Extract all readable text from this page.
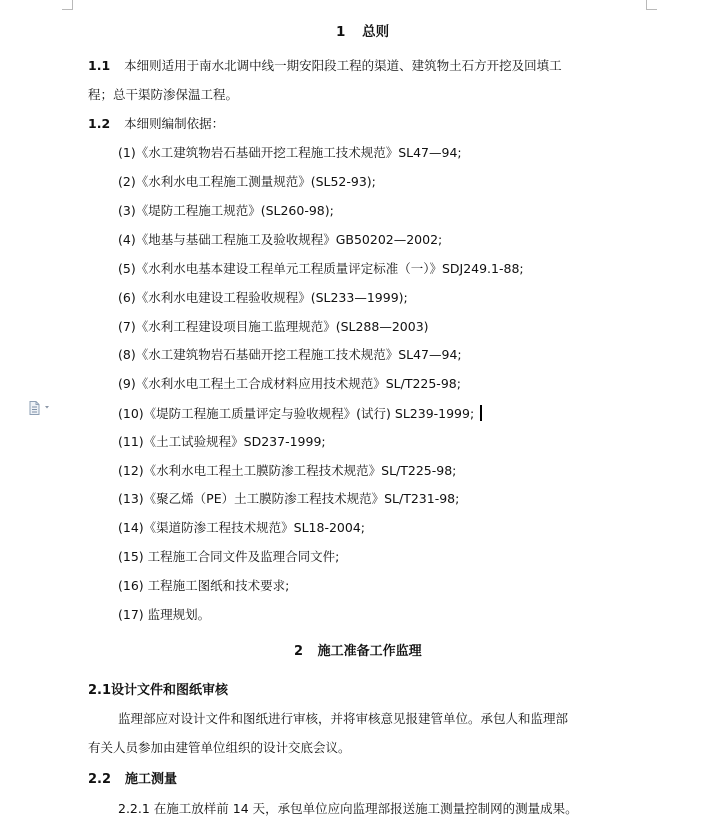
1 总则
1.1 本细则适用于南水北调中线一期安阳段工程的渠道、建筑物土石方开挖及回填工
程；总干渠防渗保温工程。
1.2 本细则编制依据：
(1)《水工建筑物岩石基础开挖工程施工技术规范》SL47—94;
(2)《水利水电工程施工测量规范》(SL52-93);
(3)《堤防工程施工规范》(SL260-98);
(4)《地基与基础工程施工及验收规程》GB50202—2002;
(5)《水利水电基本建设工程单元工程质量评定标准（一）》SDJ249.1-88;
(6)《水利水电建设工程验收规程》(SL233—1999);
(7)《水利工程建设项目施工监理规范》(SL288—2003)
(8)《水工建筑物岩石基础开挖工程施工技术规范》SL47—94;
(9)《水利水电工程土工合成材料应用技术规范》SL/T225-98;
(10)《堤防工程施工质量评定与验收规程》(试行) SL239-1999;
(11)《土工试验规程》SD237-1999;
(12)《水利水电工程土工膜防渗工程技术规范》SL/T225-98;
(13)《聚乙烯（PE）土工膜防渗工程技术规范》SL/T231-98;
(14)《渠道防渗工程技术规范》SL18-2004;
(15) 工程施工合同文件及监理合同文件;
(16) 工程施工图纸和技术要求;
(17) 监理规划。
2 施工准备工作监理
2.1设计文件和图纸审核
监理部应对设计文件和图纸进行审核，并将审核意见报建管单位。承包人和监理部
有关人员参加由建管单位组织的设计交底会议。
2.2 施工测量
2.2.1 在施工放样前 14 天，承包单位应向监理部报送施工测量控制网的测量成果。
